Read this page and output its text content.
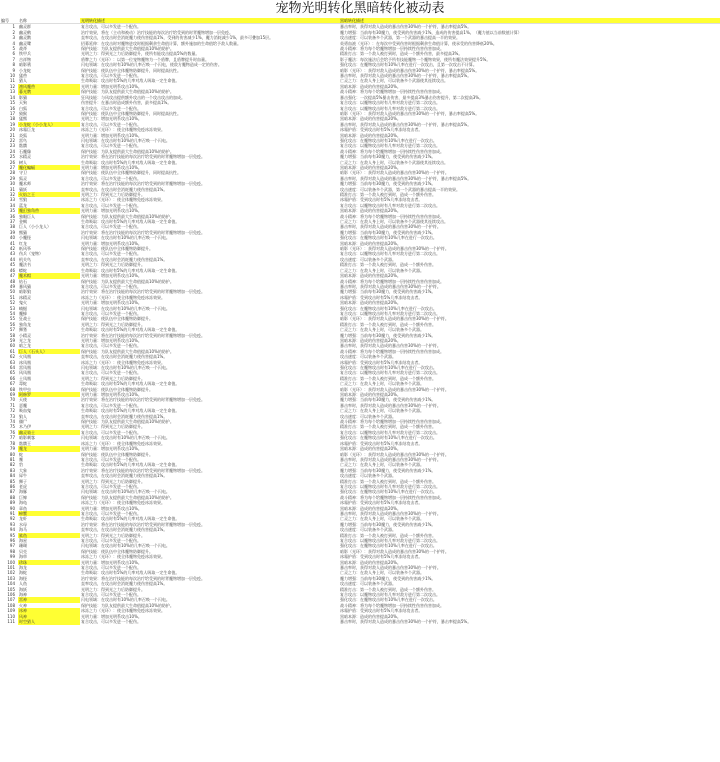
宠物光明转化黑暗转化被动表
编号	名称	光明转化描述	黑暗转化描述
1	幽灵群	复合攻击，可以多发进一个配伤。	暴击率时，获得对敌人造成的暴击伤害30%的一个护符，暴击率提高5%。
2	幽灵鹤	治疗效果，将在（主动和被动）治疗技能的每次治疗给受到的时背魔物增加一层免疫。	魔力增强：当前每有30魔力，使受到的伤害减少1%，造成的伤害提高1%。（魔力值以当前数值计算）
3	幽灵鹅	直率攻击，在攻击时会消耗魔力使伤害提高1%，受到的伤害减少1%，魔力消耗减少1%，最多可叠加15层。	攻击速度：可以装备多个武器，第一个武器的暴击提高一半的效果。
4	幽灵鹭	招募延伸：在攻击时对魔物进攻时根据剩余生命值计算，额外施加的生命值给予敌人数量。	英勇血液（光环）：在每次中受到伤害时根据剩余生命值计算，使承受的伤害降低20%。
5	战斧	保护技能：为队友提供最大生命值提高10%的防护。	战斗精神：将为每个给魔物增加一层持续性伤害伤害加成。
6	铁甲兵	光明之力：得到光之力后防御提升，使所有能攻击提高5%的数量。	精准打击：第一个敌人被打到时，造成一个额外伤害，最多提高3%。
7	吉祥物	盾牌之力（光环）：以第一位宠物魔物为一个盾牌，且盾牌提升时血量。	影子魔法：每次施法后会给予所有技能魔物一个魔物效果，使所有魔法效果提升5%。
8	暗影鸦	闪电领域：在攻击时有10%的几率召唤一个闪电，使敌方魔物造成一定的伤害。	强化攻击：在魔物攻击时有10%几率在进行一次攻击，且第一次攻击不计算。
9	小龙蛇	保护技能：使队伍中全体魔物防御提升，同时提高抗性。	暗影（光环）：获得对敌人造成的暴击伤害30%的一个护符，暴击率提高5%。
10	猛兽	复合攻击，可以多发进一个配伤。	暴击率时，获得对敌人造成的暴击伤害30%的一个护符，暴击率提高5%。
11	猎人	生命吸取：攻击时有5%的几率对敌人吸取一定生命值。	亡灵之力：在敌人身上时，可以装备多个武器使其连续攻击。
12	凛风魔兽	光明力量：增加光明系攻击10%。	黑暗本源：造成的伤害提高20%。
13	暮光鹦	保护技能：为队友提供最大生命值提高10%的防护。	战斗精神：将为每个给魔物增加一层持续性伤害伤害加成。
14	影猫	狂风技能：与风攻击提供额外攻击的一个攻击攻击的加成。	暴击强化：一次提高5%暴击伤害，最多提高3%暴击伤害提升，第二次提高3%。
15	天狗	伤害提升：在暴击时造成额外伤害，最多提高1%。	复合攻击：以魔物攻击时有几率对敌方进行第二次攻击。
16	白狐	复合攻击，可以多发进一个配伤。	复合攻击：以魔物攻击时有几率对敌方进行第二次攻击。
17	猿猴	保护技能：使队伍中全体魔物防御提升，同时提高抗性。	暗影（光环）：获得对敌人造成的暴击伤害30%的一个护符，暴击率提高5%。
18	猛熊	光明之力：增加光明系攻击10%。	黑暗本源：造成的伤害提高20%。
19	小龙蛇（小小龙人）	复合攻击，可以多发进一个配伤。	暴击率时，获得对敌人造成的暴击伤害30%的一个护符，暴击率提高5%。
20	冰霜巨龙	冰冻之力（光环）：使全体魔物免疫冰冻效果。	冰霜护盾：受到攻击时有5%几率冻结攻击者。
21	炎狐	光明力量：增加光明系攻击10%。	黑暗本源：造成的伤害提高20%。
22	雷鸟	闪电领域：在攻击时有10%的几率召唤一个闪电。	强化攻击：在魔物攻击时有10%几率在进行一次攻击。
23	骷髅	复合攻击，可以多发进一个配伤。	复合攻击：以魔物攻击时有几率对敌方进行第二次攻击。
24	石魔像	保护技能：为队友提供最大生命值提高10%的防护。	战斗精神：将为每个给魔物增加一层持续性伤害伤害加成。
25	水精灵	治疗效果：将在治疗技能的每次治疗给受到的时背魔物增加一层免疫。	魔力增强：当前每有30魔力，使受到的伤害减少1%。
26	树人	生命吸取：攻击时有5%的几率对敌人吸取一定生命值。	亡灵之力：在敌人身上时，可以装备多个武器使其连续攻击。
27	魔化蝙蝠	光明力量：增加光明系攻击10%。	黑暗本源：造成的伤害提高20%。
28	守卫	保护技能：使队伍中全体魔物防御提升，同时提高抗性。	暗影（光环）：获得对敌人造成的暴击伤害30%的一个护符。
29	狐灵	复合攻击，可以多发进一个配伤。	暴击率时，获得对敌人造成的暴击伤害30%的一个护符，暴击率提高5%。
30	魔术师	治疗效果：将在治疗技能的每次治疗给受到的时背魔物增加一层免疫。	魔力增强：当前每有30魔力，使受到的伤害减少1%。
31	猫妖	直率攻击，在攻击时会消耗魔力使伤害提高1%。	攻击速度：可以装备多个武器，第一个武器的暴击提高一半的效果。
32	火焰之王	光明之力：得到光之力后防御提升。	精准打击：第一个敌人被打到时，造成一个额外伤害。
33	雪狼	冰冻之力（光环）：使全体魔物免疫冰冻效果。	冰霜护盾：受到攻击时有5%几率冻结攻击者。
34	蓝龙	复合攻击，可以多发进一个配伤。	复合攻击：以魔物攻击时有几率对敌方进行第二次攻击。
35	魔幻独角兽	光明力量：增加光明系攻击10%。	黑暗本源：造成的伤害提高20%。
36	独眼巨人	保护技能：为队友提供最大生命值提高10%的防护。	战斗精神：将为每个给魔物增加一层持续性伤害伤害加成。
37	金蝎	生命吸取：攻击时有5%的几率对敌人吸取一定生命值。	亡灵之力：在敌人身上时，可以装备多个武器使其连续攻击。
38	巨人（小小龙人）	复合攻击，可以多发进一个配伤。	暴击率时，获得对敌人造成的暴击伤害30%的一个护符。
39	熊猫	治疗效果：将在治疗技能的每次治疗给受到的时背魔物增加一层免疫。	魔力增强：当前每有30魔力，使受到的伤害减少1%。
40	小魔怪	闪电领域：在攻击时有10%的几率召唤一个闪电。	强化攻击：在魔物攻击时有10%几率在进行一次攻击。
41	红龙	光明力量：增加光明系攻击10%。	黑暗本源：造成的伤害提高20%。
42	纸风筝	保护技能：使队伍中全体魔物防御提升。	暗影（光环）：获得对敌人造成的暴击伤害30%的一个护符。
43	伤兵（宠物）	复合攻击，可以多发进一个配伤。	复合攻击：以魔物攻击时有几率对敌方进行第二次攻击。
44	机关鸟	直率攻击，在攻击时会消耗魔力使伤害提高1%。	攻击速度：可以装备多个武器。
45	魔法书	光明之力：得到光之力后防御提升。	精准打击：第一个敌人被打到时，造成一个额外伤害。
46	蟒蛇	生命吸取：攻击时有5%的几率对敌人吸取一定生命值。	亡灵之力：在敌人身上时，可以装备多个武器。
47	魔术帽	光明力量：增加光明系攻击10%。	黑暗本源：造成的伤害提高20%。
48	钻石	保护技能：为队友提供最大生命值提高10%的防护。	战斗精神：将为每个给魔物增加一层持续性伤害伤害加成。
49	暴风猫	复合攻击，可以多发进一个配伤。	暴击率时，获得对敌人造成的暴击伤害30%的一个护符。
50	暗影狼	治疗效果：将在治疗技能的每次治疗给受到的时背魔物增加一层免疫。	魔力增强：当前每有30魔力，使受到的伤害减少1%。
51	冰精灵	冰冻之力（光环）：使全体魔物免疫冰冻效果。	冰霜护盾：受到攻击时有5%几率冻结攻击者。
52	鬼火	光明力量：增加光明系攻击10%。	黑暗本源：造成的伤害提高20%。
53	蜻蜓	闪电领域：在攻击时有10%的几率召唤一个闪电。	强化攻击：在魔物攻击时有10%几率在进行一次攻击。
54	魔蜂	复合攻击，可以多发进一个配伤。	复合攻击：以魔物攻击时有几率对敌方进行第二次攻击。
55	狂战士	保护技能：使队伍中全体魔物防御提升。	暗影（光环）：获得对敌人造成的暴击伤害30%的一个护符。
56	独角龙	光明之力：得到光之力后防御提升。	精准打击：第一个敌人被打到时，造成一个额外伤害。
57	狮鹫	生命吸取：攻击时有5%的几率对敌人吸取一定生命值。	亡灵之力：在敌人身上时，可以装备多个武器。
58	小精灵	治疗效果：将在治疗技能的每次治疗给受到的时背魔物增加一层免疫。	魔力增强：当前每有30魔力，使受到的伤害减少1%。
59	光之龙	光明力量：增加光明系攻击10%。	黑暗本源：造成的伤害提高20%。
60	暗之龙	复合攻击，可以多发进一个配伤。	暴击率时，获得对敌人造成的暴击伤害30%的一个护符。
61	巨人（石头人）	保护技能：为队友提供最大生命值提高10%的防护。	战斗精神：将为每个给魔物增加一层持续性伤害伤害加成。
62	火凤凰	直率攻击，在攻击时会消耗魔力使伤害提高1%。	攻击速度：可以装备多个武器。
63	冰凤凰	冰冻之力（光环）：使全体魔物免疫冰冻效果。	冰霜护盾：受到攻击时有5%几率冻结攻击者。
64	雷凤凰	闪电领域：在攻击时有10%的几率召唤一个闪电。	强化攻击：在魔物攻击时有10%几率在进行一次攻击。
65	风凤凰	复合攻击，可以多发进一个配伤。	复合攻击：以魔物攻击时有几率对敌方进行第二次攻击。
66	土凤凰	光明之力：得到光之力后防御提升。	精准打击：第一个敌人被打到时，造成一个额外伤害。
67	毒蛇	生命吸取：攻击时有5%的几率对敌人吸取一定生命值。	亡灵之力：在敌人身上时，可以装备多个武器。
68	铁甲虫	保护技能：使队伍中全体魔物防御提升。	暗影（光环）：获得对敌人造成的暴击伤害30%的一个护符。
69	阿修罗	光明力量：增加光明系攻击10%。	黑暗本源：造成的伤害提高20%。
70	天使	治疗效果：将在治疗技能的每次治疗给受到的时背魔物增加一层免疫。	魔力增强：当前每有30魔力，使受到的伤害减少1%。
71	恶魔	复合攻击，可以多发进一个配伤。	暴击率时，获得对敌人造成的暴击伤害30%的一个护符。
72	吸血鬼	生命吸取：攻击时有5%的几率对敌人吸取一定生命值。	亡灵之力：在敌人身上时，可以装备多个武器。
73	狼人	直率攻击，在攻击时会消耗魔力使伤害提高1%。	攻击速度：可以装备多个武器。
74	僵尸	保护技能：为队友提供最大生命值提高10%的防护。	战斗精神：将为每个给魔物增加一层持续性伤害伤害加成。
75	木乃伊	光明之力：得到光之力后防御提升。	精准打击：第一个敌人被打到时，造成一个额外伤害。
76	幽灵骑士	复合攻击，可以多发进一个配伤。	复合攻击：以魔物攻击时有几率对敌方进行第二次攻击。
77	暗影刺客	闪电领域：在攻击时有10%的几率召唤一个闪电。	强化攻击：在魔物攻击时有10%几率在进行一次攻击。
78	骷髅王	冰冻之力（光环）：使全体魔物免疫冰冻效果。	冰霜护盾：受到攻击时有5%几率冻结攻击者。
79	魔龙	光明力量：增加光明系攻击10%。	黑暗本源：造成的伤害提高20%。
80	蛇	保护技能：使队伍中全体魔物防御提升。	暗影（光环）：获得对敌人造成的暴击伤害30%的一个护符。
81	鹰	复合攻击，可以多发进一个配伤。	暴击率时，获得对敌人造成的暴击伤害30%的一个护符。
82	豹	生命吸取：攻击时有5%的几率对敌人吸取一定生命值。	亡灵之力：在敌人身上时，可以装备多个武器。
83	大象	治疗效果：将在治疗技能的每次治疗给受到的时背魔物增加一层免疫。	魔力增强：当前每有30魔力，使受到的伤害减少1%。
84	犀牛	直率攻击，在攻击时会消耗魔力使伤害提高1%。	攻击速度：可以装备多个武器。
85	狮子	光明之力：得到光之力后防御提升。	精准打击：第一个敌人被打到时，造成一个额外伤害。
86	老虎	复合攻击，可以多发进一个配伤。	复合攻击：以魔物攻击时有几率对敌方进行第二次攻击。
87	海豚	闪电领域：在攻击时有10%的几率召唤一个闪电。	强化攻击：在魔物攻击时有10%几率在进行一次攻击。
88	巨鲸	保护技能：为队友提供最大生命值提高10%的防护。	战斗精神：将为每个给魔物增加一层持续性伤害伤害加成。
89	海龟	冰冻之力（光环）：使全体魔物免疫冰冻效果。	冰霜护盾：受到攻击时有5%几率冻结攻击者。
90	章鱼	光明力量：增加光明系攻击10%。	黑暗本源：造成的伤害提高20%。
91	螃蟹	复合攻击，可以多发进一个配伤。	暴击率时，获得对敌人造成的暴击伤害30%的一个护符。
92	龙虾	生命吸取：攻击时有5%的几率对敌人吸取一定生命值。	亡灵之力：在敌人身上时，可以装备多个武器。
93	水母	治疗效果：将在治疗技能的每次治疗给受到的时背魔物增加一层免疫。	魔力增强：当前每有30魔力，使受到的伤害减少1%。
94	海马	直率攻击，在攻击时会消耗魔力使伤害提高1%。	攻击速度：可以装备多个武器。
95	鲨鱼	光明之力：得到光之力后防御提升。	精准打击：第一个敌人被打到时，造成一个额外伤害。
96	海星	复合攻击，可以多发进一个配伤。	复合攻击：以魔物攻击时有几率对敌方进行第二次攻击。
97	珊瑚	闪电领域：在攻击时有10%的几率召唤一个闪电。	强化攻击：在魔物攻击时有10%几率在进行一次攻击。
98	贝壳	保护技能：使队伍中全体魔物防御提升。	暗影（光环）：获得对敌人造成的暴击伤害30%的一个护符。
99	海草	冰冻之力（光环）：使全体魔物免疫冰冻效果。	冰霜护盾：受到攻击时有5%几率冻结攻击者。
100	珍珠	光明力量：增加光明系攻击10%。	黑暗本源：造成的伤害提高20%。
101	海龙	复合攻击，可以多发进一个配伤。	暴击率时，获得对敌人造成的暴击伤害30%的一个护符。
102	海蛇	生命吸取：攻击时有5%的几率对敌人吸取一定生命值。	亡灵之力：在敌人身上时，可以装备多个武器。
103	海怪	治疗效果：将在治疗技能的每次治疗给受到的时背魔物增加一层免疫。	魔力增强：当前每有30魔力，使受到的伤害减少1%。
104	人鱼	直率攻击，在攻击时会消耗魔力使伤害提高1%。	攻击速度：可以装备多个武器。
105	海妖	光明之力：得到光之力后防御提升。	精准打击：第一个敌人被打到时，造成一个额外伤害。
106	海神	复合攻击，可以多发进一个配伤。	复合攻击：以魔物攻击时有几率对敌方进行第二次攻击。
107	雷神	闪电领域：在攻击时有10%的几率召唤一个闪电。	强化攻击：在魔物攻击时有10%几率在进行一次攻击。
108	火神	保护技能：为队友提供最大生命值提高10%的防护。	战斗精神：将为每个给魔物增加一层持续性伤害伤害加成。
109	冰神	冰冻之力（光环）：使全体魔物免疫冰冻效果。	冰霜护盾：受到攻击时有5%几率冻结攻击者。
110	风神	光明力量：增加光明系攻击10%。	黑暗本源：造成的伤害提高20%。
111	时空猎人	复合攻击，可以多发进一个配伤。	暴击率时，获得对敌人造成的暴击伤害30%的一个护符，暴击率提高5%。
